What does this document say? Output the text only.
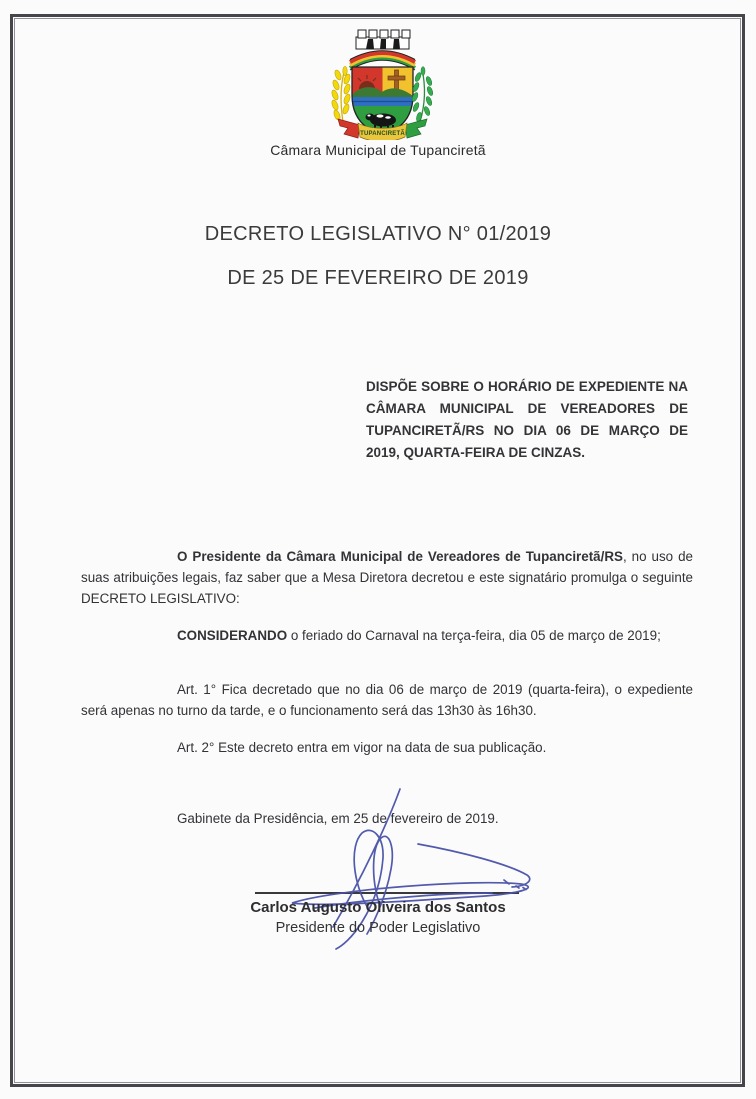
TUPANCIRETÃ
Câmara Municipal de Tupanciretã
DECRETO LEGISLATIVO N° 01/2019
DE 25 DE FEVEREIRO DE 2019
DISPÕE SOBRE O HORÁRIO DE EXPEDIENTE NA CÂMARA MUNICIPAL DE VEREADORES DE TUPANCIRETÃ/RS NO DIA 06 DE MARÇO DE 2019, QUARTA-FEIRA DE CINZAS.
O Presidente da Câmara Municipal de Vereadores de Tupanciretã/RS, no uso de suas atribuições legais, faz saber que a Mesa Diretora decretou e este signatário promulga o seguinte DECRETO LEGISLATIVO:
CONSIDERANDO o feriado do Carnaval na terça-feira, dia 05 de março de 2019;
Art. 1° Fica decretado que no dia 06 de março de 2019 (quarta-feira), o expediente será apenas no turno da tarde, e o funcionamento será das 13h30 às 16h30.
Art. 2° Este decreto entra em vigor na data de sua publicação.
Gabinete da Presidência, em 25 de fevereiro de 2019.
Carlos Augusto Oliveira dos Santos
Presidente do Poder Legislativo
